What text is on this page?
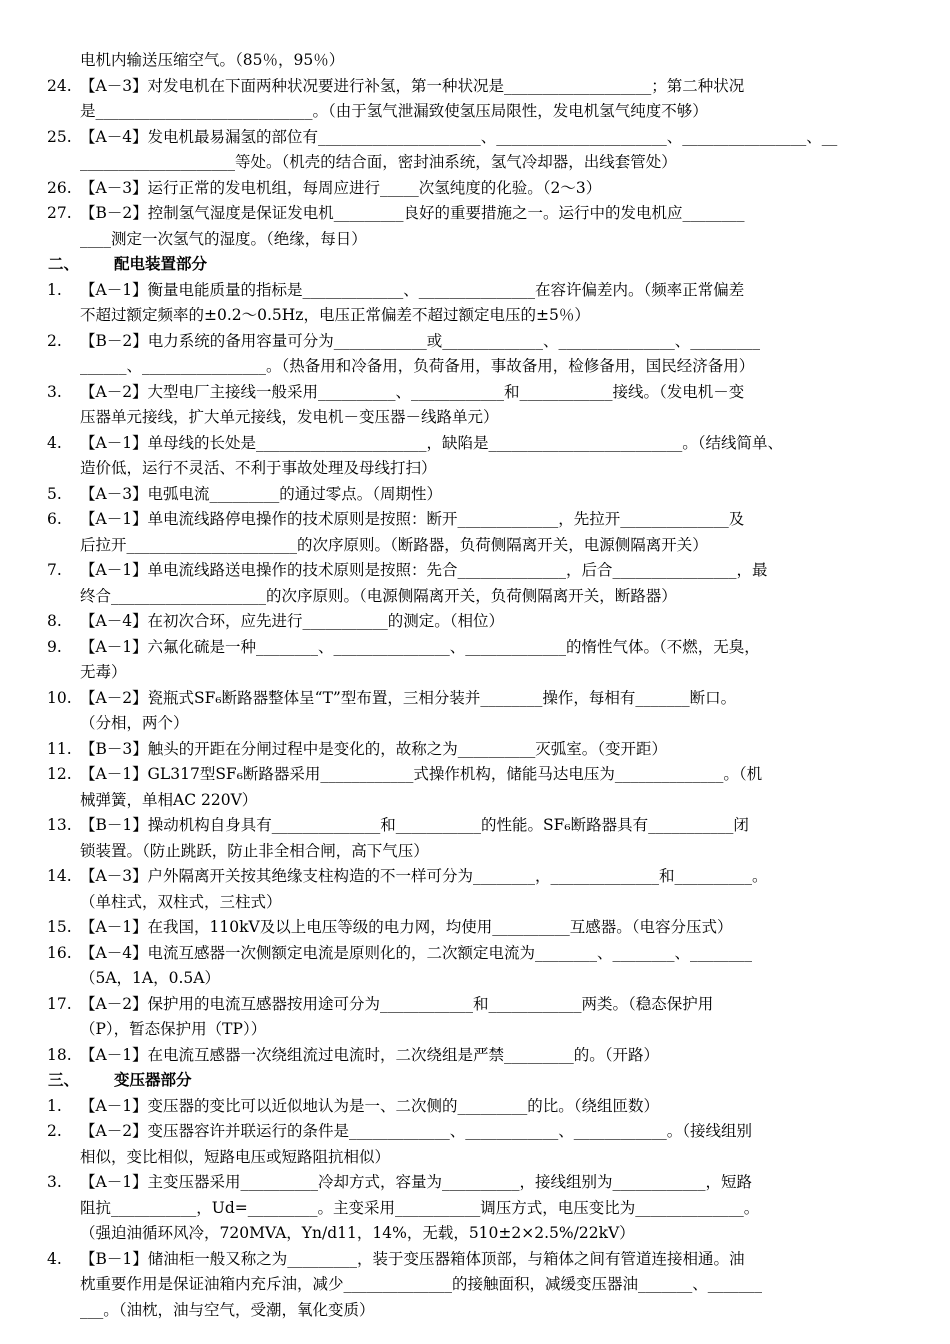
电机内输送压缩空气。（85％，95％）
24. 【A－3】对发电机在下面两种状况要进行补氢，第一种状况是___________________；第二种状况
是____________________________。（由于氢气泄漏致使氢压局限性，发电机氢气纯度不够）
25. 【A－4】发电机最易漏氢的部位有_____________________、______________________、________________、__
____________________等处。（机壳的结合面，密封油系统，氢气冷却器，出线套管处）
26. 【A－3】运行正常的发电机组，每周应进行_____次氢纯度的化验。（2～3）
27. 【B－2】控制氢气湿度是保证发电机_________良好的重要措施之一。运行中的发电机应________
____测定一次氢气的湿度。（绝缘，每日）
二、 配电装置部分
1. 【A－1】衡量电能质量的指标是_____________、_______________在容许偏差内。（频率正常偏差
不超过额定频率的±0.2～0.5Hz，电压正常偏差不超过额定电压的±5％）
2. 【B－2】电力系统的备用容量可分为____________或_____________、_______________、_________
______、________________。（热备用和冷备用，负荷备用，事故备用，检修备用，国民经济备用）
3. 【A－2】大型电厂主接线一般采用__________、____________和____________接线。（发电机－变
压器单元接线，扩大单元接线，发电机－变压器－线路单元）
4. 【A－1】单母线的长处是______________________，缺陷是_________________________。（结线简单、
造价低，运行不灵活、不利于事故处理及母线打扫）
5. 【A－3】电弧电流_________的通过零点。（周期性）
6. 【A－1】单电流线路停电操作的技术原则是按照：断开_____________，先拉开______________及
后拉开______________________的次序原则。（断路器，负荷侧隔离开关，电源侧隔离开关）
7. 【A－1】单电流线路送电操作的技术原则是按照：先合______________，后合________________，最
终合____________________的次序原则。（电源侧隔离开关，负荷侧隔离开关，断路器）
8. 【A－4】在初次合环，应先进行___________的测定。（相位）
9. 【A－1】六氟化硫是一种________、_______________、_____________的惰性气体。（不燃，无臭，
无毒）
10. 【A－2】瓷瓶式SF₆断路器整体呈“T”型布置，三相分装并________操作，每相有_______断口。
（分相，两个）
11. 【B－3】触头的开距在分闸过程中是变化的，故称之为__________灭弧室。（变开距）
12. 【A－1】GL317型SF₆断路器采用____________式操作机构，储能马达电压为______________。（机
械弹簧，单相AC 220V）
13. 【B－1】操动机构自身具有______________和___________的性能。SF₆断路器具有___________闭
锁装置。（防止跳跃，防止非全相合闸，高下气压）
14. 【A－3】户外隔离开关按其绝缘支柱构造的不一样可分为________，______________和__________。
（单柱式，双柱式，三柱式）
15. 【A－1】在我国，110kV及以上电压等级的电力网，均使用__________互感器。（电容分压式）
16. 【A－4】电流互感器一次侧额定电流是原则化的，二次额定电流为________、________、________
（5A，1A，0.5A）
17. 【A－2】保护用的电流互感器按用途可分为____________和____________两类。（稳态保护用
（P），暂态保护用（TP））
18. 【A－1】在电流互感器一次绕组流过电流时，二次绕组是严禁_________的。（开路）
三、 变压器部分
1. 【A－1】变压器的变比可以近似地认为是一、二次侧的_________的比。（绕组匝数）
2. 【A－2】变压器容许并联运行的条件是_____________、____________、____________。（接线组别
相似，变比相似，短路电压或短路阻抗相似）
3. 【A－1】主变压器采用__________冷却方式，容量为__________，接线组别为____________，短路
阻抗___________，Ud=_________。主变采用___________调压方式，电压变比为______________。
（强迫油循环风冷，720MVA，Yn/d11，14%，无载，510±2×2.5%/22kV）
4. 【B－1】储油柜一般又称之为_________，装于变压器箱体顶部，与箱体之间有管道连接相通。油
枕重要作用是保证油箱内充斥油，减少______________的接触面积，减缓变压器油_______、_______
___。（油枕，油与空气，受潮，氧化变质）
